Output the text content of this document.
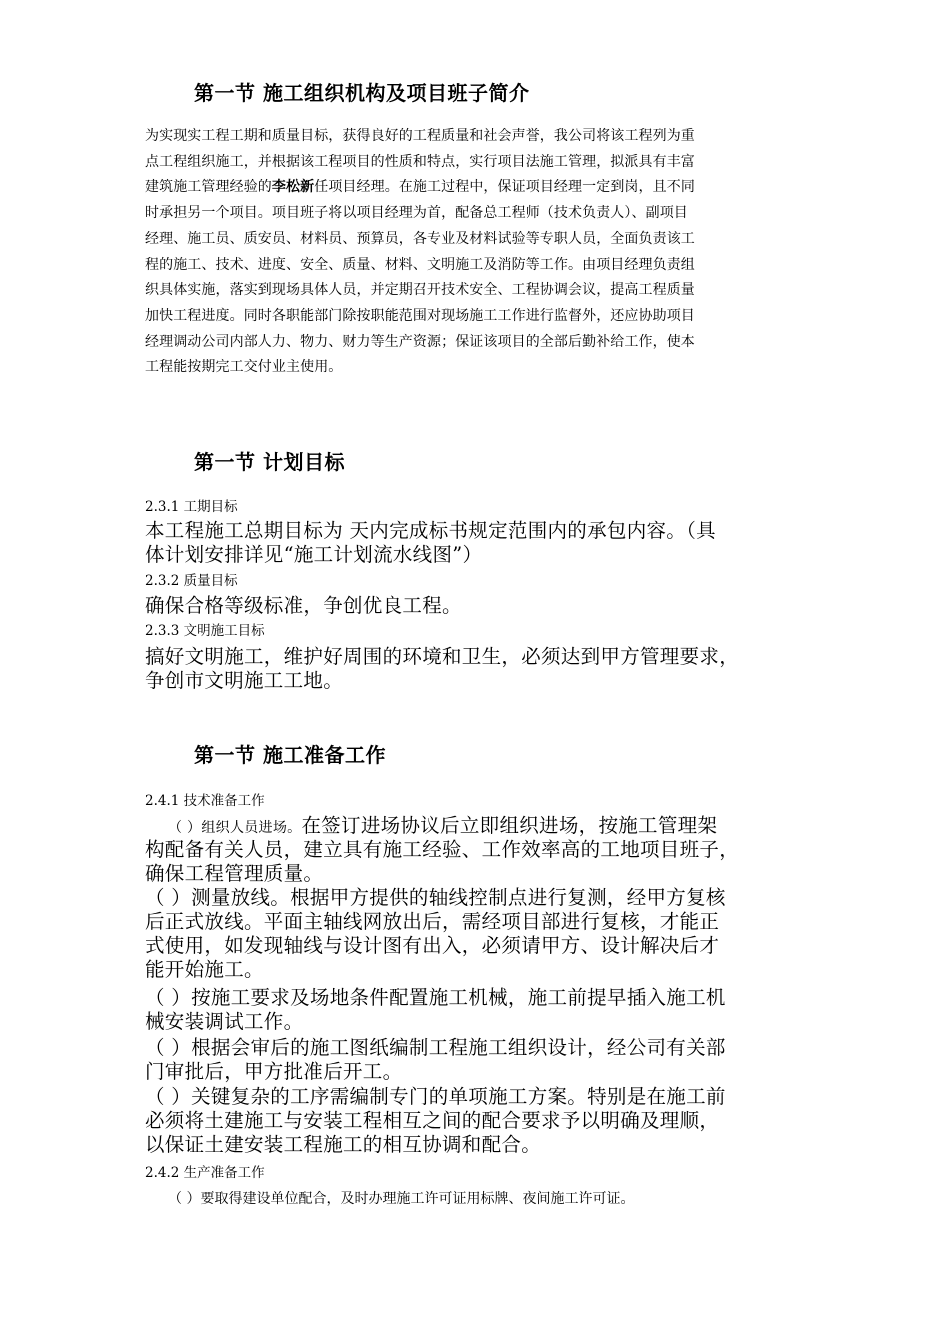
第一节 施工组织机构及项目班子简介
为实现实工程工期和质量目标，获得良好的工程质量和社会声誉，我公司将该工程列为重
点工程组织施工，并根据该工程项目的性质和特点，实行项目法施工管理，拟派具有丰富
建筑施工管理经验的李松新任项目经理。在施工过程中，保证项目经理一定到岗，且不同
时承担另一个项目。项目班子将以项目经理为首，配备总工程师（技术负责人）、副项目
经理、施工员、质安员、材料员、预算员，各专业及材料试验等专职人员，全面负责该工
程的施工、技术、进度、安全、质量、材料、文明施工及消防等工作。由项目经理负责组
织具体实施，落实到现场具体人员，并定期召开技术安全、工程协调会议，提高工程质量
加快工程进度。同时各职能部门除按职能范围对现场施工工作进行监督外，还应协助项目
经理调动公司内部人力、物力、财力等生产资源；保证该项目的全部后勤补给工作，使本
工程能按期完工交付业主使用。
第一节 计划目标
2.3.1 工期目标
本工程施工总期目标为 天内完成标书规定范围内的承包内容。（具
体计划安排详见“施工计划流水线图”）
2.3.2 质量目标
确保合格等级标准，争创优良工程。
2.3.3 文明施工目标
搞好文明施工，维护好周围的环境和卫生，必须达到甲方管理要求，
争创市文明施工工地。
第一节 施工准备工作
2.4.1 技术准备工作
（ ）组织人员进场。在签订进场协议后立即组织进场，按施工管理架
构配备有关人员，建立具有施工经验、工作效率高的工地项目班子，
确保工程管理质量。
（ ）测量放线。根据甲方提供的轴线控制点进行复测，经甲方复核
后正式放线。平面主轴线网放出后，需经项目部进行复核，才能正
式使用，如发现轴线与设计图有出入，必须请甲方、设计解决后才
能开始施工。
（ ）按施工要求及场地条件配置施工机械，施工前提早插入施工机
械安装调试工作。
（ ）根据会审后的施工图纸编制工程施工组织设计，经公司有关部
门审批后，甲方批准后开工。
（ ）关键复杂的工序需编制专门的单项施工方案。特别是在施工前
必须将土建施工与安装工程相互之间的配合要求予以明确及理顺，
以保证土建安装工程施工的相互协调和配合。
2.4.2 生产准备工作
（ ）要取得建设单位配合，及时办理施工许可证用标牌、夜间施工许可证。
